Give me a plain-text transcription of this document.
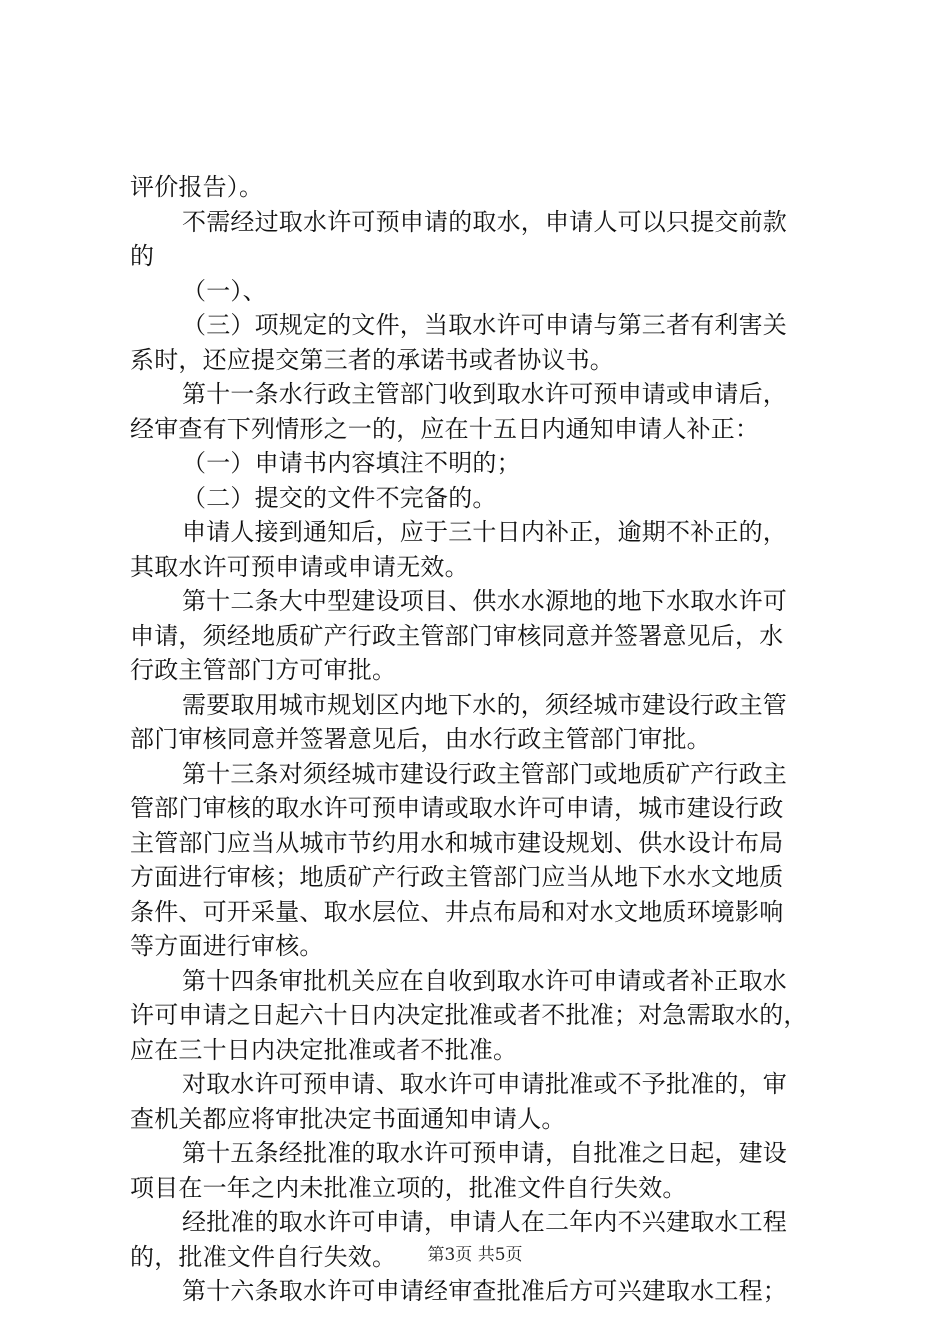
评价报告）。
不需经过取水许可预申请的取水，申请人可以只提交前款
的
（一）、
（三）项规定的文件，当取水许可申请与第三者有利害关
系时，还应提交第三者的承诺书或者协议书。
第十一条水行政主管部门收到取水许可预申请或申请后，
经审查有下列情形之一的，应在十五日内通知申请人补正：
（一）申请书内容填注不明的；
（二）提交的文件不完备的。
申请人接到通知后，应于三十日内补正，逾期不补正的，
其取水许可预申请或申请无效。
第十二条大中型建设项目、供水水源地的地下水取水许可
申请，须经地质矿产行政主管部门审核同意并签署意见后，水
行政主管部门方可审批。
需要取用城市规划区内地下水的，须经城市建设行政主管
部门审核同意并签署意见后，由水行政主管部门审批。
第十三条对须经城市建设行政主管部门或地质矿产行政主
管部门审核的取水许可预申请或取水许可申请，城市建设行政
主管部门应当从城市节约用水和城市建设规划、供水设计布局
方面进行审核；地质矿产行政主管部门应当从地下水水文地质
条件、可开采量、取水层位、井点布局和对水文地质环境影响
等方面进行审核。
第十四条审批机关应在自收到取水许可申请或者补正取水
许可申请之日起六十日内决定批准或者不批准；对急需取水的，
应在三十日内决定批准或者不批准。
对取水许可预申请、取水许可申请批准或不予批准的，审
查机关都应将审批决定书面通知申请人。
第十五条经批准的取水许可预申请，自批准之日起，建设
项目在一年之内未批准立项的，批准文件自行失效。
经批准的取水许可申请，申请人在二年内不兴建取水工程
的，批准文件自行失效。
第十六条取水许可申请经审查批准后方可兴建取水工程；
第3页 共5页
